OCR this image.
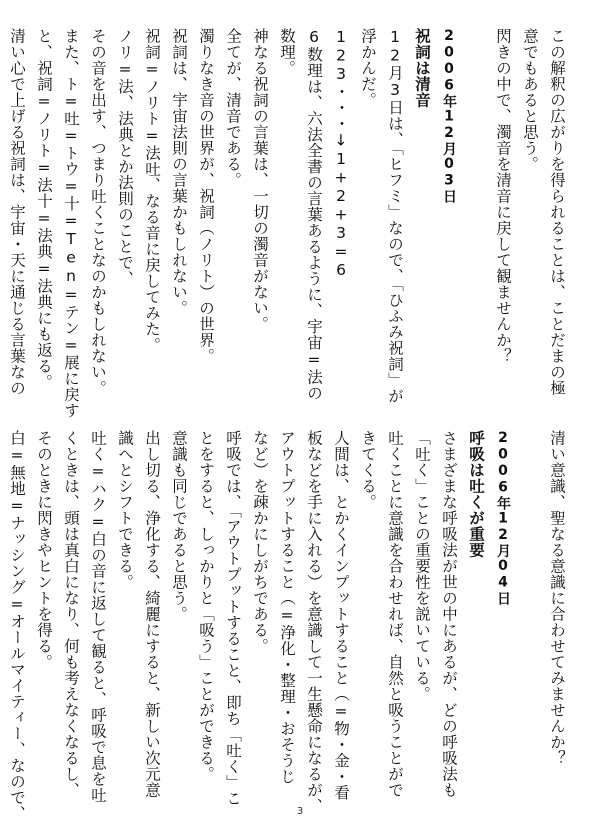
この解釈の広がりを得られることは、ことだまの極
意でもあると思う。
閃きの中で、濁音を清音に戻して観ませんか？

2006年12月03日
祝詞は清音
12月3日は、「ヒフミ」なので、「ひふみ祝詞」が
浮かんだ。
123・・・↓1+2+3=6
6数理は、六法全書の言葉あるように、宇宙=法の
数理。
神なる祝詞の言葉は、一切の濁音がない。
全てが、清音である。
濁りなき音の世界が、祝詞（ノリト）の世界。
祝詞は、宇宙法則の言葉かもしれない。
祝詞=ノリト=法吐、なる音に戻してみた。
ノリ=法、法典とか法則のことで、
その音を出す、つまり吐くことなのかもしれない。
また、ト=吐=トウ=十=Ten=テン=展に戻す
と、祝詞=ノリト=法十=法典=法典にも返る。
清い心で上げる祝詞は、宇宙・天に通じる言葉なの
清い意識、聖なる意識に合わせてみませんか？

2006年12月04日
呼吸は吐くが重要
さまざまな呼吸法が世の中にあるが、どの呼吸法も
「吐く」ことの重要性を説いている。
吐くことに意識を合わせれば、自然と吸うことがで
きてくる。
人間は、とかくインプットすること（=物・金・看
板などを手に入れる）を意識して一生懸命になるが、
アウトプットすること（=浄化・整理・おそうじ
など）を疎かにしがちである。
呼吸では、「アウトプットすること、即ち「吐く」こ
とをすると、しっかりと「吸う」ことができる。
意識も同じであると思う。
出し切る、浄化する、綺麗にすると、新しい次元意
識へとシフトできる。
吐く=ハク=白の音に返して観ると、呼吸で息を吐
くときは、頭は真白になり、何も考えなくなるし、
そのときに閃きやヒントを得る。
白=無地=ナッシング=オールマイティー、なので、	3
